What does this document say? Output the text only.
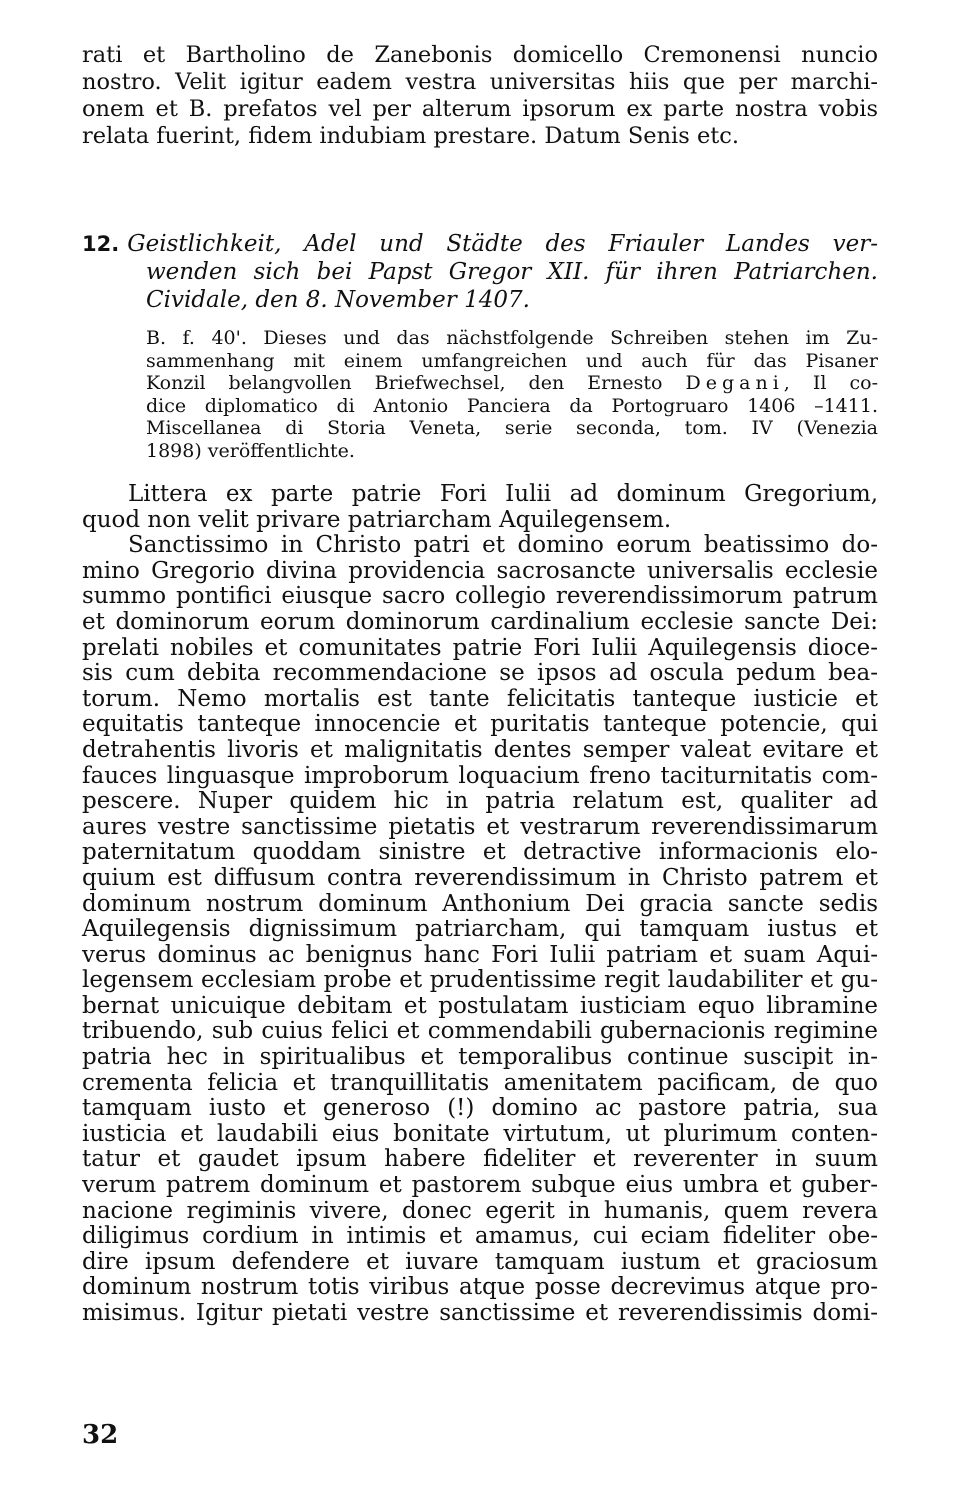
rati et Bartholino de Zanebonis domicello Cremonensi nuncio
nostro. Velit igitur eadem vestra universitas hiis que per marchi-
onem et B. prefatos vel per alterum ipsorum ex parte nostra vobis
relata fuerint, fidem indubiam prestare. Datum Senis etc.
12. Geistlichkeit, Adel und Städte des Friauler Landes ver-
wenden sich bei Papst Gregor XII. für ihren Patriarchen.
Cividale, den 8. November 1407.
B. f. 40'. Dieses und das nächstfolgende Schreiben stehen im Zu-
sammenhang mit einem umfangreichen und auch für das Pisaner
Konzil belangvollen Briefwechsel, den Ernesto Degani, Il co-
dice diplomatico di Antonio Panciera da Portogruaro 1406 –1411.
Miscellanea di Storia Veneta, serie seconda, tom. IV (Venezia
1898) veröffentlichte.
Littera ex parte patrie Fori Iulii ad dominum Gregorium,
quod non velit privare patriarcham Aquilegensem.
Sanctissimo in Christo patri et domino eorum beatissimo do-
mino Gregorio divina providencia sacrosancte universalis ecclesie
summo pontifici eiusque sacro collegio reverendissimorum patrum
et dominorum eorum dominorum cardinalium ecclesie sancte Dei:
prelati nobiles et comunitates patrie Fori Iulii Aquilegensis dioce-
sis cum debita recommendacione se ipsos ad oscula pedum bea-
torum. Nemo mortalis est tante felicitatis tanteque iusticie et
equitatis tanteque innocencie et puritatis tanteque potencie, qui
detrahentis livoris et malignitatis dentes semper valeat evitare et
fauces linguasque improborum loquacium freno taciturnitatis com-
pescere. Nuper quidem hic in patria relatum est, qualiter ad
aures vestre sanctissime pietatis et vestrarum reverendissimarum
paternitatum quoddam sinistre et detractive informacionis elo-
quium est diffusum contra reverendissimum in Christo patrem et
dominum nostrum dominum Anthonium Dei gracia sancte sedis
Aquilegensis dignissimum patriarcham, qui tamquam iustus et
verus dominus ac benignus hanc Fori Iulii patriam et suam Aqui-
legensem ecclesiam probe et prudentissime regit laudabiliter et gu-
bernat unicuique debitam et postulatam iusticiam equo libramine
tribuendo, sub cuius felici et commendabili gubernacionis regimine
patria hec in spiritualibus et temporalibus continue suscipit in-
crementa felicia et tranquillitatis amenitatem pacificam, de quo
tamquam iusto et generoso (!) domino ac pastore patria, sua
iusticia et laudabili eius bonitate virtutum, ut plurimum conten-
tatur et gaudet ipsum habere fideliter et reverenter in suum
verum patrem dominum et pastorem subque eius umbra et guber-
nacione regiminis vivere, donec egerit in humanis, quem revera
diligimus cordium in intimis et amamus, cui eciam fideliter obe-
dire ipsum defendere et iuvare tamquam iustum et graciosum
dominum nostrum totis viribus atque posse decrevimus atque pro-
misimus. Igitur pietati vestre sanctissime et reverendissimis domi-
32
